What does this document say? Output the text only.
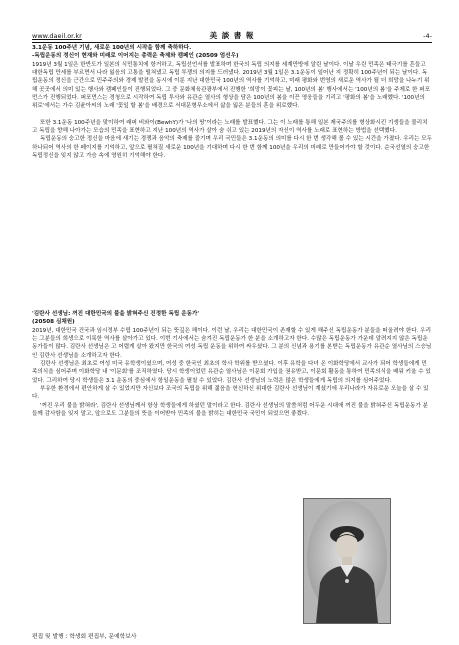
www.daeil.or.kr	美 談 書 報	-4-

3.1운동 100주년 기념, 새로운 100년의 시작을 함께 축하하다.

-독립운동의 정신이 현재와 미래로 이어지는 총력운 축제와 캠페인 (20509 엄선우)

1919년 3월 1일은 한반도가 일본의 식민통치에 항거하고, 독립선언서를 발표하며 한국의 독립 의지를 세계만방에 알린 날이다. 이날 우린 민족은 태극기를 흔들고 대한독립 만세를 부르면서 나라 잃음의 고통을 떨쳐냈고 독립 투쟁의 의지를 드러냈다. 2019년 3월 1일은 3.1운동이 일어난 지 정확히 100주년이 되는 날이다. 독립운동의 정신을 근간으로 민주주의와 경제 발전을 동시에 이룬 지난 대한민국 100년의 역사를 기억하고, 미래 평화와 번영의 새로운 역사가 될 더 희망을 나누기 위해 곳곳에서 의미 있는 행사와 캠페인들이 진행되었다. 그 중 문화체육관광부에서 진행한 '희망이 꽃피는 날, 100년의 봄' 행사에서는 '100년의 봄'을 주제로 한 퍼포먼스가 진행되었다. 퍼포먼스는 경청으로 시작하여 독립 투사와 유관순 열사의 형상을 담은 100년의 봄을 이끈 영웅들을 기리고 '평화의 봄'을 노래했다. '100년의 위로'에서는 가수 김윤아씨의 노래 '꽃잎 할 봄'을 배경으로 서대문형무소에서 삶을 잃은 분들의 혼을 위로했다.

또한 3.1운동 100주년을 맞이하여 래퍼 비와이(BewhY)가 '나의 땅'이라는 노래를 발표했다. 그는 이 노래를 통해 일본 제국주의를 형상화시킨 기생들을 물리치고 독립을 향해 나아가는 모습의 민족을 표현하고 지난 100년의 역사가 살아 숨 쉬고 있는 2019년의 자신이 역사를 노래로 표현하는 방법을 선택했다.

독립운동의 숭고한 정신을 마음에 새기는 경쟁과 음악의 축제를 즐기며 우리 국민들은 3.1운동의 의미를 다시 한 번 생각해 볼 수 있는 시간을 가졌다. 우리는 모두 하나되어 역사의 한 페이지를 기억하고, 앞으로 펼쳐질 새로운 100년을 기대하며 다시 한 번 함께 100년을 우리의 미래로 만들어가야 할 것이다. 순국선열의 숭고한 독립정신을 잊지 않고 가슴 속에 영원히 기억해야 한다.

'김란사 선생님: 꺼진 대한민국의 불을 밝혀주신 진정한 독립 운동가'

(20508 심채원)

2019년, 대한민국 건국과 임시정부 수립 100주년이 되는 뜻깊은 해이다. 이런 날, 우리는 대한민국이 존재할 수 있게 해주신 독립운동가 분들을 떠올려야 한다. 우리는 그분들의 희생으로 이룩한 역사를 살아가고 있다. 이번 기사에서는 숨겨진 독립운동가 한 분을 소개하고자 한다. 수많은 독립운동가 가운데 알려지지 않은 독립운동가들이 많다. 김란사 선생님은 고 어렵게 살아 왔지만 한국의 여성 독립 운동을 위하여 싸우셨다. 그 분의 신념과 용기를 본받는 독립운동가 유관순 열사님의 스승님인 김란사 선생님을 소개하고자 한다.

김란사 선생님은 최초로 여성 미국 유학생이셨으며, 여성 중 한국인 최초의 학사 학위를 받으셨다. 이후 유학을 다녀 온 이화학당에서 교사가 되어 학생들에게 민족의식을 심어주며 이화학당 내 '이문회'를 조직하였다. 당시 학생이었던 유관순 열사님은 이문회 가입을 권유받고, 이문회 활동을 통하여 민족의식을 배워 키울 수 있었다. 그리하여 당시 학생들은 3.1 운동의 중심에서 항일운동을 펼칠 수 있었다. 김란사 선생님의 노력은 많은 학생들에게 독립의 의지를 심어주었다.

부유한 환경에서 편안하게 살 수 있었지만 자신보다 조국의 독립을 위해 젊음을 헌신하신 위대한 김란사 선생님이 계셨기에 우리나라가 자유로운 오늘을 살 수 있다.

'꺼진 우리 불을 밝혀라', 김란사 선생님께서 항상 학생들에게 하셨던 말이라고 한다. 김란사 선생님의 말씀처럼 어두운 시대에 꺼진 불을 밝혀주신 독립운동가 분들께 감사함을 잊지 말고, 앞으로도 그분들의 뜻을 이어받아 민족의 불을 밝히는 대한민국 국민이 되었으면 좋겠다.

편집 및 발행 : 학생회 편집부, 문예학보사
